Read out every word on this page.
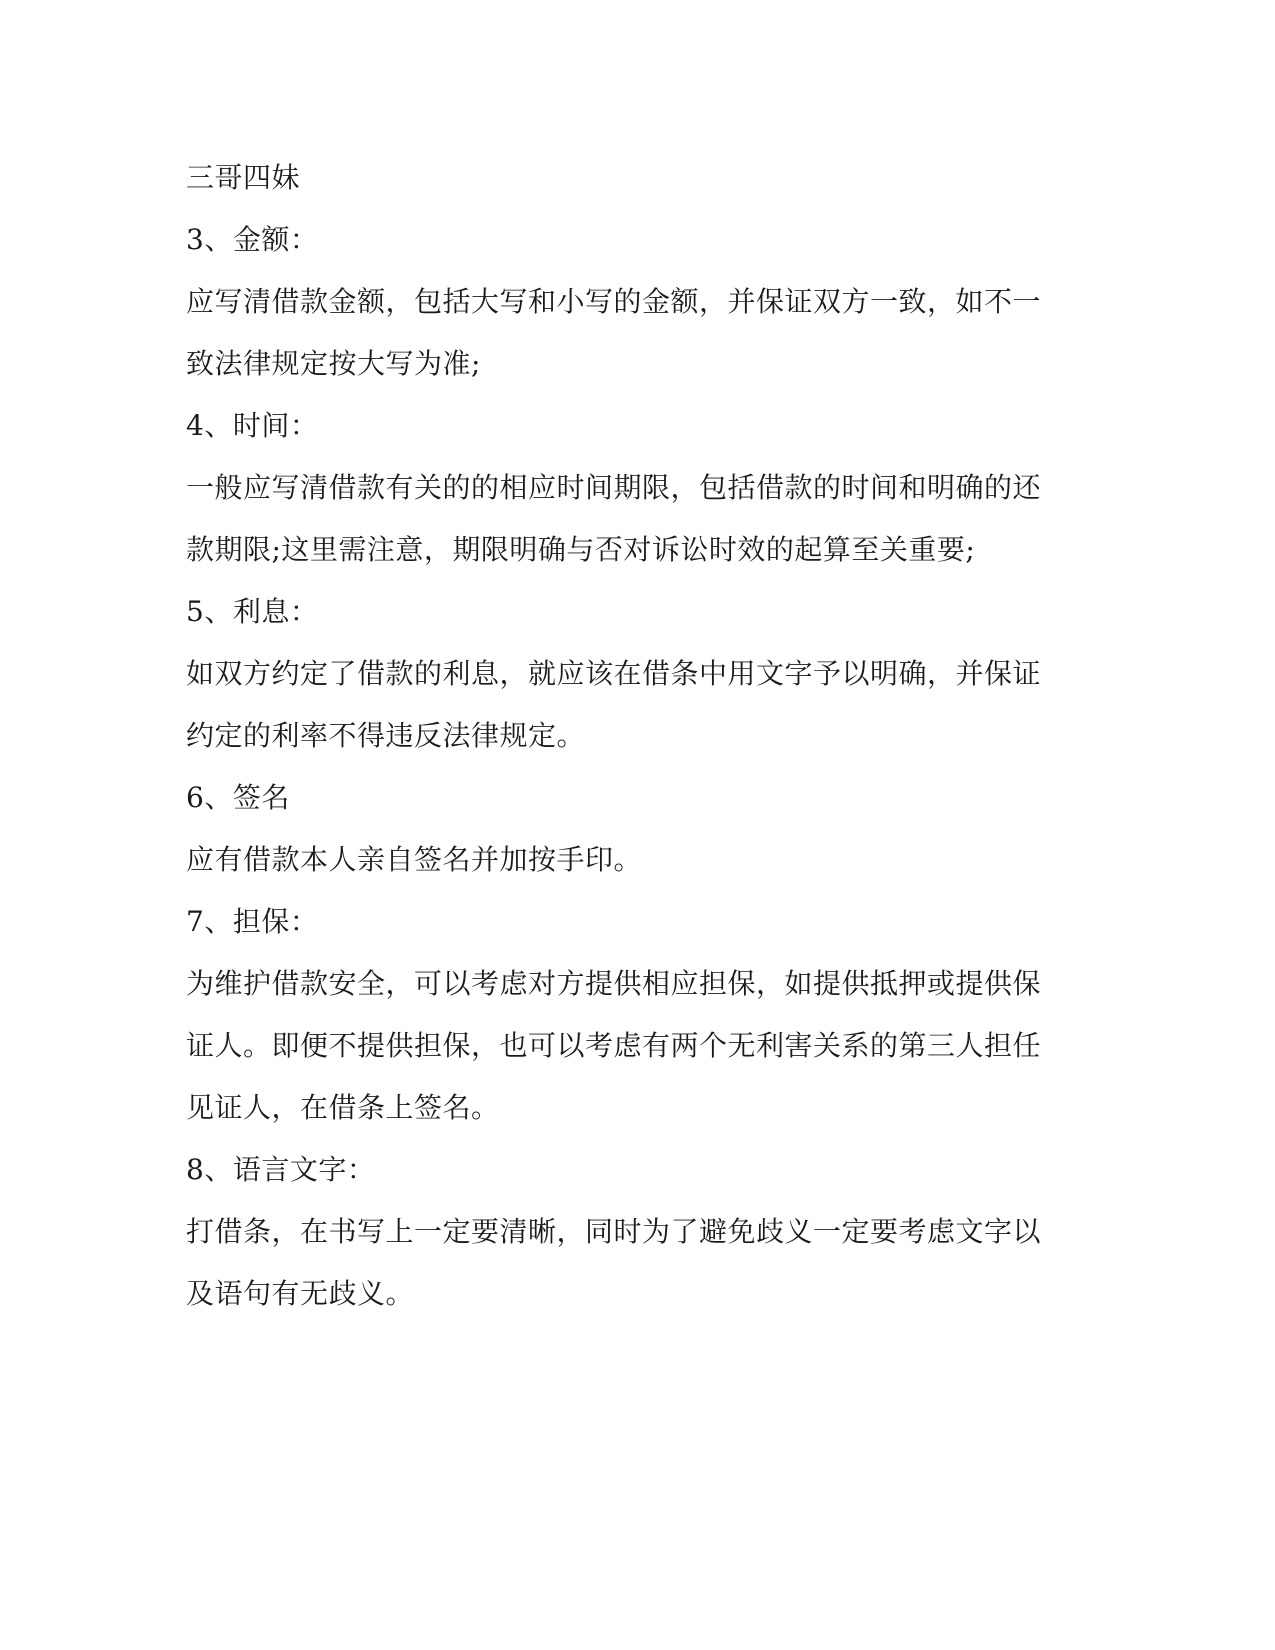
三哥四妹
3、金额：
应写清借款金额，包括大写和小写的金额，并保证双方一致，如不一
致法律规定按大写为准;
4、时间：
一般应写清借款有关的的相应时间期限，包括借款的时间和明确的还
款期限;这里需注意，期限明确与否对诉讼时效的起算至关重要;
5、利息：
如双方约定了借款的利息，就应该在借条中用文字予以明确，并保证
约定的利率不得违反法律规定。
6、签名
应有借款本人亲自签名并加按手印。
7、担保：
为维护借款安全，可以考虑对方提供相应担保，如提供抵押或提供保
证人。即便不提供担保，也可以考虑有两个无利害关系的第三人担任
见证人，在借条上签名。
8、语言文字：
打借条，在书写上一定要清晰，同时为了避免歧义一定要考虑文字以
及语句有无歧义。
